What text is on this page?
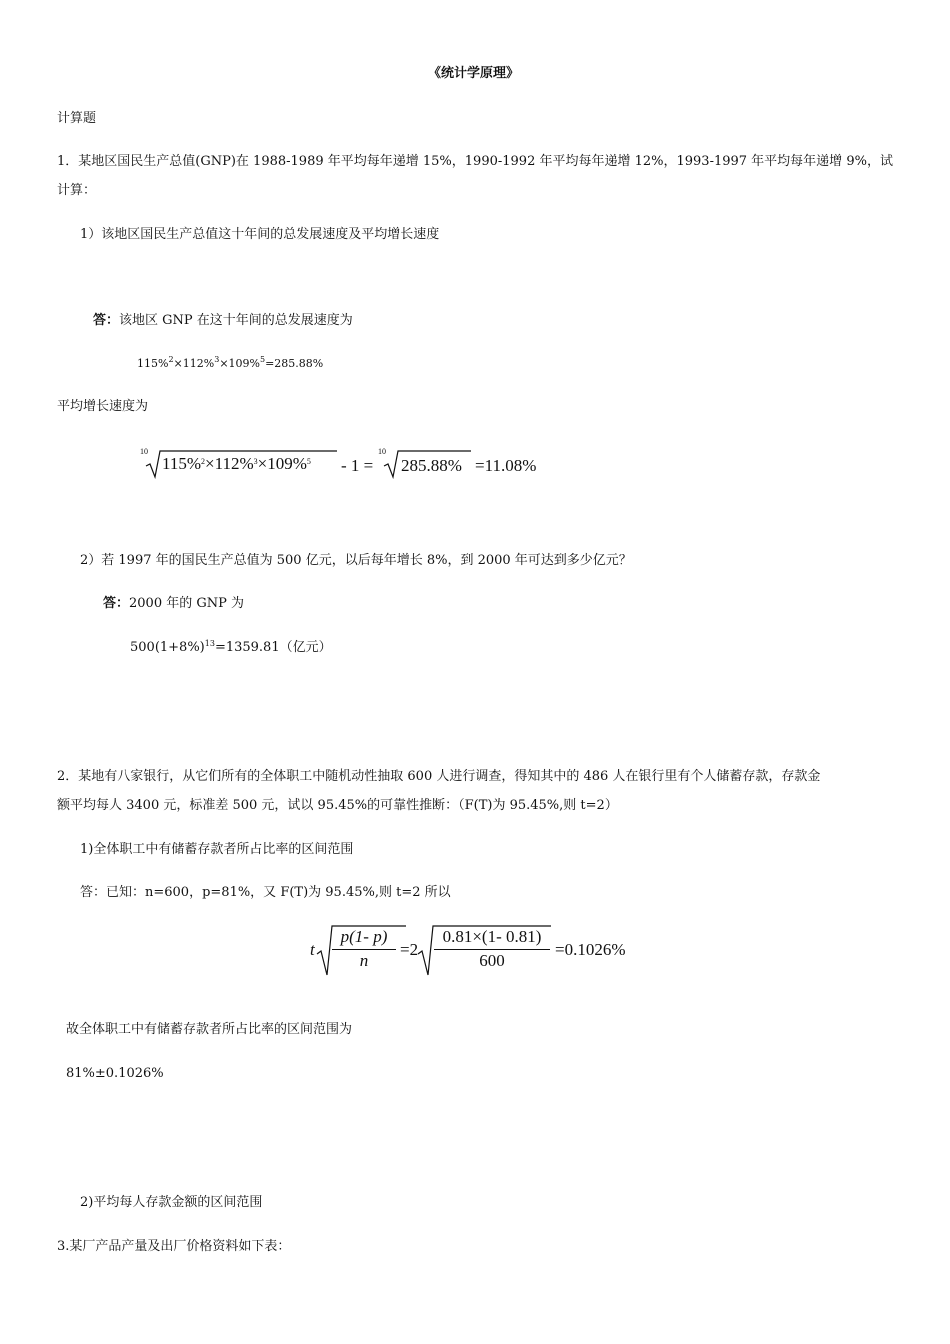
《统计学原理》
计算题
1．某地区国民生产总值(GNP)在 1988-1989 年平均每年递增 15%，1990-1992 年平均每年递增 12%，1993-1997 年平均每年递增 9%，试
计算：
1）该地区国民生产总值这十年间的总发展速度及平均增长速度
答：该地区 GNP 在这十年间的总发展速度为
115%$^2$×112%$^3$×109%$^5$=285.88%
平均增长速度为
10
115%$^2$×112%$^3$×109%$^5$ - 1 =
10
285.88% =11.08%
2）若 1997 年的国民生产总值为 500 亿元，以后每年增长 8%，到 2000 年可达到多少亿元？
答：2000 年的 GNP 为
$500(1+8\%)^{13}=1359.81$（亿元）
2．某地有八家银行，从它们所有的全体职工中随机动性抽取 600 人进行调查，得知其中的 486 人在银行里有个人储蓄存款，存款金
额平均每人 3400 元，标准差 500 元，试以 95.45%的可靠性推断：（F(T)为 95.45%,则 t=2）
1)全体职工中有储蓄存款者所占比率的区间范围
答：已知：n=600，p=81%，又 F(T)为 95.45%,则 t=2 所以
t
p(1- p)
n
=2
0.81×(1- 0.81)
600
=0.1026%
故全体职工中有储蓄存款者所占比率的区间范围为
81%±0.1026%
2)平均每人存款金额的区间范围
3.某厂产品产量及出厂价格资料如下表：
